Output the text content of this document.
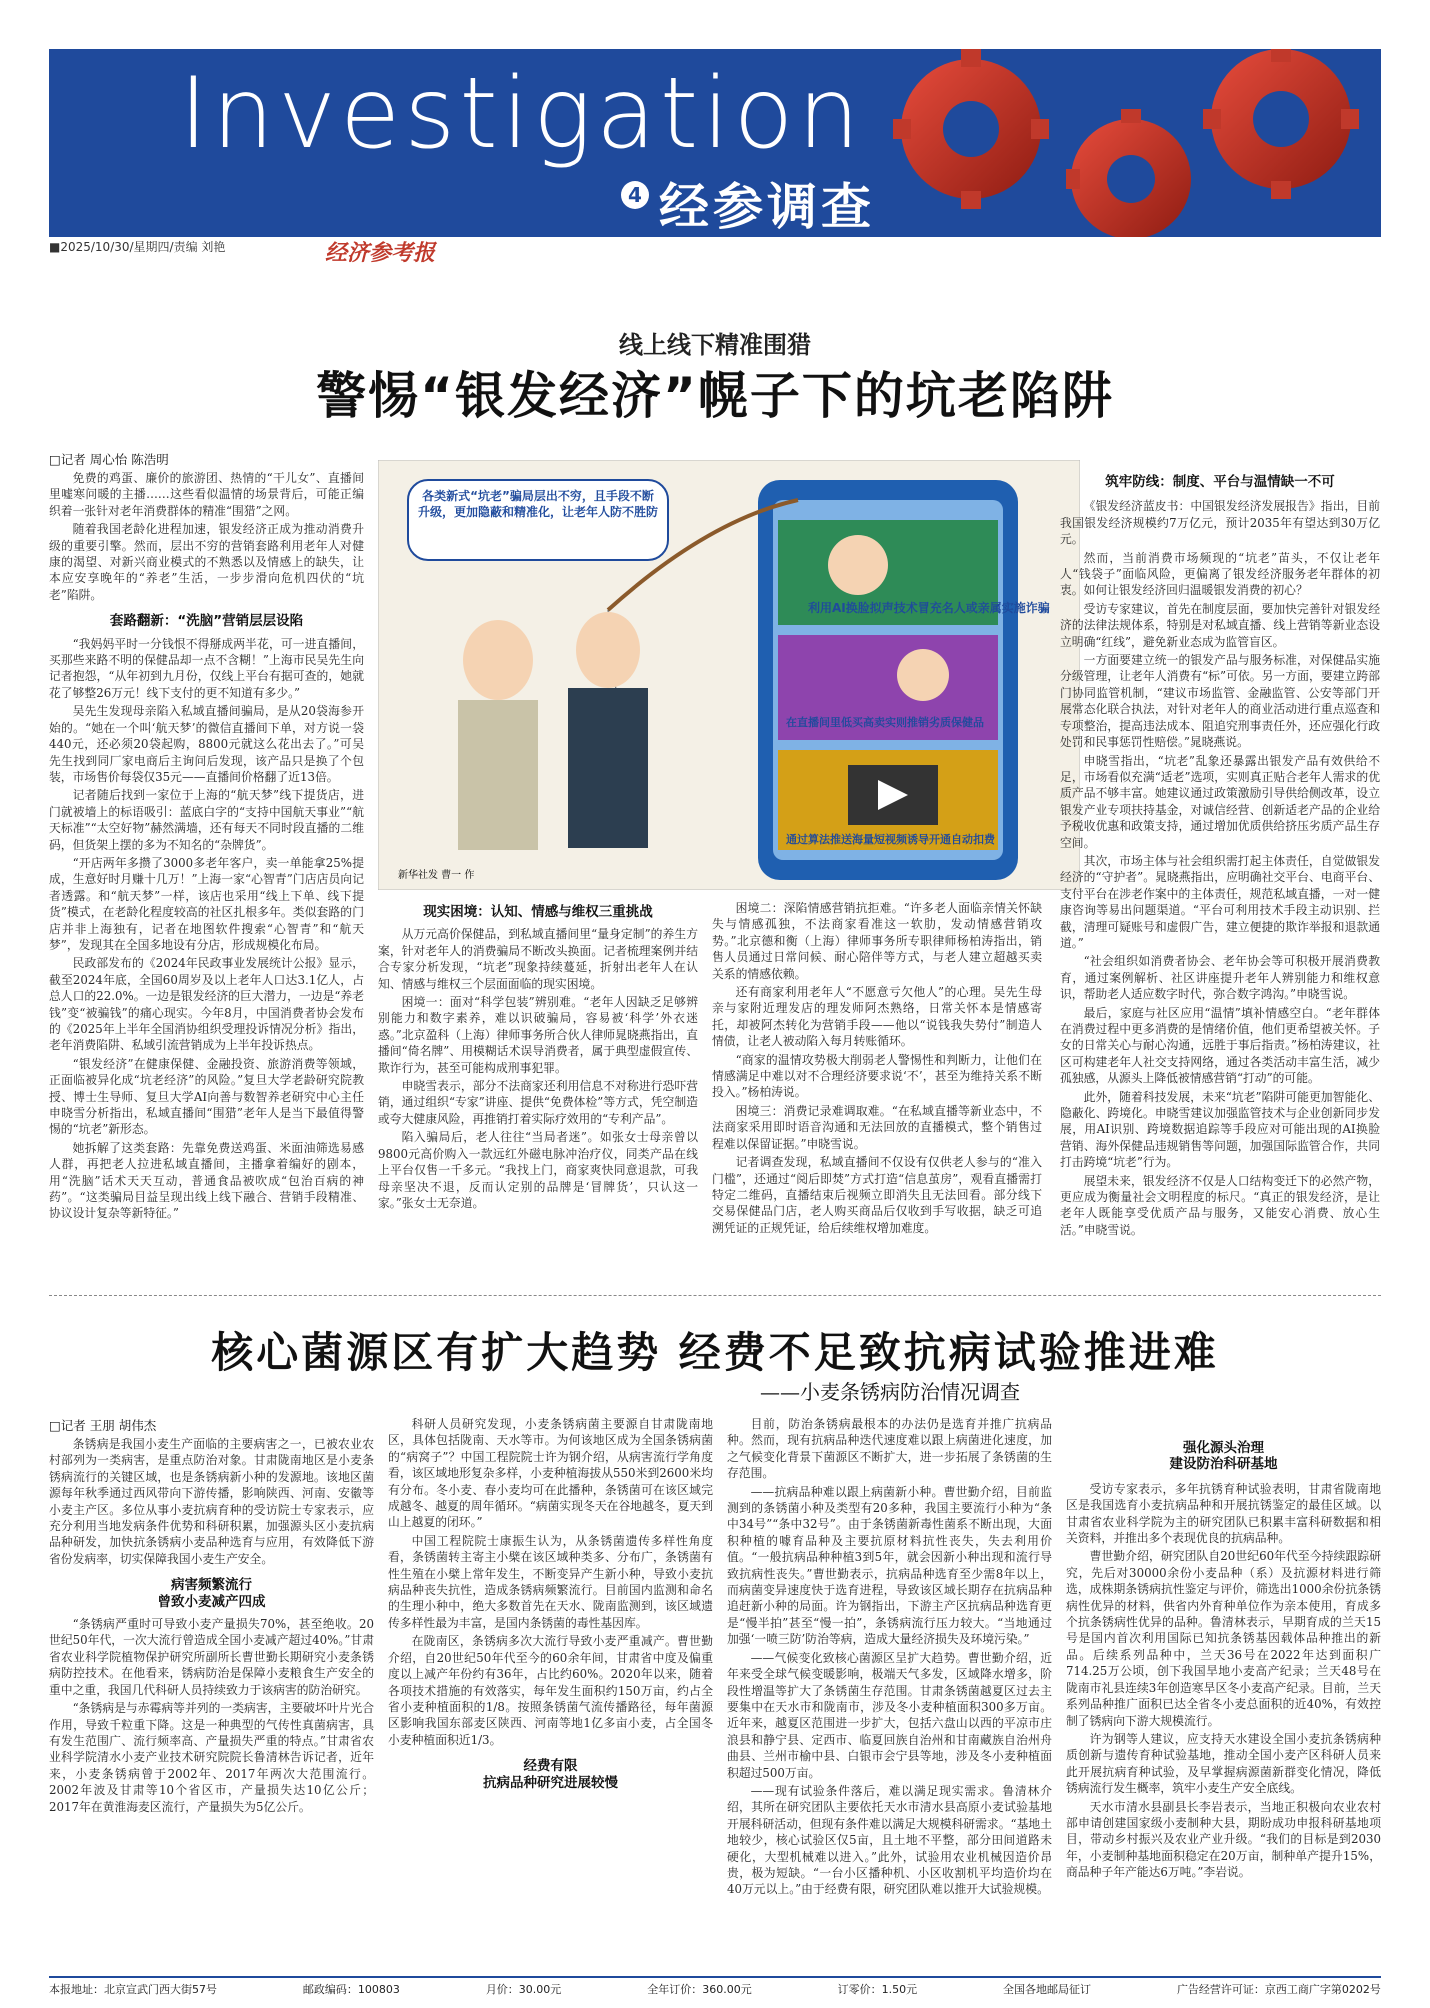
Investigation
4 经参调查
■2025/10/30/星期四/责编 刘艳	经济参考报
线上线下精准围猎
警惕“银发经济”幌子下的坑老陷阱
□记者 周心怡 陈浩明

免费的鸡蛋、廉价的旅游团、热情的“干儿女”、直播间里嘘寒问暖的主播……这些看似温情的场景背后，可能正编织着一张针对老年消费群体的精准“围猎”之网。

随着我国老龄化进程加速，银发经济正成为推动消费升级的重要引擎。然而，层出不穷的营销套路利用老年人对健康的渴望、对新兴商业模式的不熟悉以及情感上的缺失，让本应安享晚年的“养老”生活，一步步滑向危机四伏的“坑老”陷阱。

套路翻新：“洗脑”营销层层设陷

“我妈妈平时一分钱恨不得掰成两半花，可一进直播间，买那些来路不明的保健品却一点不含糊！”上海市民吴先生向记者抱怨，“从年初到九月份，仅线上平台有据可查的，她就花了够整26万元！线下支付的更不知道有多少。”

吴先生发现母亲陷入私域直播间骗局，是从20袋海参开始的。“她在一个叫‘航天梦’的微信直播间下单，对方说一袋440元，还必须20袋起购，8800元就这么花出去了。”可吴先生找到同厂家电商后主询问后发现，该产品只是换了个包装，市场售价每袋仅35元——直播间价格翻了近13倍。

记者随后找到一家位于上海的“航天梦”线下提货店，进门就被墙上的标语吸引：蓝底白字的“支持中国航天事业”“航天标准”“太空好物”赫然满墙，还有每天不同时段直播的二维码，但货架上摆的多为不知名的“杂牌货”。

“开店两年多攒了3000多老年客户，卖一单能拿25%提成，生意好时月赚十几万！”上海一家“心智青”门店店员向记者透露。和“航天梦”一样，该店也采用“线上下单、线下提货”模式，在老龄化程度较高的社区扎根多年。类似套路的门店并非上海独有，记者在地图软件搜索“心智青”和“航天梦”，发现其在全国多地设有分店，形成规模化布局。

民政部发布的《2024年民政事业发展统计公报》显示，截至2024年底，全国60周岁及以上老年人口达3.1亿人，占总人口的22.0%。一边是银发经济的巨大潜力，一边是“养老钱”变“被骗钱”的痛心现实。今年8月，中国消费者协会发布的《2025年上半年全国消协组织受理投诉情况分析》指出，老年消费陷阱、私域引流营销成为上半年投诉热点。

“银发经济”在健康保健、金融投资、旅游消费等领域，正面临被异化成“坑老经济”的风险。”复旦大学老龄研究院教授、博士生导师、复旦大学AI向善与数智养老研究中心主任申晓雪分析指出，私域直播间“围猎”老年人是当下最值得警惕的“坑老”新形态。

她拆解了这类套路：先靠免费送鸡蛋、米面油筛选易感人群，再把老人拉进私域直播间，主播拿着编好的剧本，用“洗脑”话术天天互动，普通食品被吹成“包治百病的神药”。“这类骗局目益呈现出线上线下融合、营销手段精准、协议设计复杂等新特征。”

利用AI换脸拟声技术冒充名人或亲属实施诈骗
在直播间里低买高卖实则推销劣质保健品
通过算法推送海量短视频诱导开通自动扣费
各类新式“坑老”骗局层出不穷，且手段不断升级，更加隐蔽和精准化，让老年人防不胜防
新华社发 曹一 作
现实困境：认知、情感与维权三重挑战

从万元高价保健品，到私域直播间里“量身定制”的养生方案，针对老年人的消费骗局不断改头换面。记者梳理案例并结合专家分析发现，“坑老”现象持续蔓延，折射出老年人在认知、情感与维权三个层面面临的现实困境。

困境一：面对“科学包装”辨别难。“老年人因缺乏足够辨别能力和数字素养，难以识破骗局，容易被‘科学’外衣迷惑。”北京盈科（上海）律师事务所合伙人律师晁晓燕指出，直播间“倚名牌”、用模糊话术误导消费者，属于典型虚假宣传、欺诈行为，甚至可能构成刑事犯罪。

申晓雪表示，部分不法商家还利用信息不对称进行恐吓营销，通过组织“专家”讲座、提供“免费体检”等方式，凭空制造或夸大健康风险，再推销打着实际疗效用的“专利产品”。

陷入骗局后，老人往往“当局者迷”。如张女士母亲曾以9800元高价购入一款远红外磁电脉冲治疗仪，同类产品在线上平台仅售一千多元。“我找上门，商家爽快同意退款，可我母亲坚决不退，反而认定别的品牌是‘冒牌货’，只认这一家。”张女士无奈道。

困境二：深陷情感营销抗拒难。“许多老人面临亲情关怀缺失与情感孤独，不法商家看准这一软肋，发动情感营销攻势。”北京德和衡（上海）律师事务所专职律师杨柏涛指出，销售人员通过日常问候、耐心陪伴等方式，与老人建立超越买卖关系的情感依赖。

还有商家利用老年人“不愿意亏欠他人”的心理。吴先生母亲与家附近理发店的理发师阿杰熟络，日常关怀本是情感寄托，却被阿杰转化为营销手段——他以“说钱我失势付”制造人情债，让老人被动陷入每月转账循环。

“商家的温情攻势极大削弱老人警惕性和判断力，让他们在情感满足中难以对不合理经济要求说‘不’，甚至为维持关系不断投入。”杨柏涛说。

困境三：消费记录难调取难。“在私域直播等新业态中，不法商家采用即时语音沟通和无法回放的直播模式，整个销售过程难以保留证据。”申晓雪说。

记者调查发现，私域直播间不仅设有仅供老人参与的“准入门槛”，还通过“阅后即焚”方式打造“信息茧房”，观看直播需打特定二维码，直播结束后视频立即消失且无法回看。部分线下交易保健品门店，老人购买商品后仅收到手写收据，缺乏可追溯凭证的正规凭证，给后续维权增加难度。

筑牢防线：制度、平台与温情缺一不可

《银发经济蓝皮书：中国银发经济发展报告》指出，目前我国银发经济规模约7万亿元，预计2035年有望达到30万亿元。

然而，当前消费市场频现的“坑老”苗头，不仅让老年人“钱袋子”面临风险，更偏离了银发经济服务老年群体的初衷。如何让银发经济回归温暖银发消费的初心？

受访专家建议，首先在制度层面，要加快完善针对银发经济的法律法规体系，特别是对私域直播、线上营销等新业态设立明确“红线”，避免新业态成为监管盲区。

一方面要建立统一的银发产品与服务标准，对保健品实施分级管理，让老年人消费有“标”可依。另一方面，要建立跨部门协同监管机制，“建议市场监管、金融监管、公安等部门开展常态化联合执法，对针对老年人的商业活动进行重点巡查和专项整治，提高违法成本、阻追究刑事责任外，还应强化行政处罚和民事惩罚性赔偿。”晁晓燕说。

申晓雪指出，“坑老”乱象还暴露出银发产品有效供给不足，市场看似充满“适老”选项，实则真正贴合老年人需求的优质产品不够丰富。她建议通过政策激励引导供给侧改革，设立银发产业专项扶持基金，对诚信经营、创新适老产品的企业给予税收优惠和政策支持，通过增加优质供给挤压劣质产品生存空间。

其次，市场主体与社会组织需打起主体责任，自觉做银发经济的“守护者”。晁晓燕指出，应明确社交平台、电商平台、支付平台在涉老作案中的主体责任，规范私域直播，一对一健康咨询等易出问题渠道。“平台可利用技术手段主动识别、拦截，清理可疑账号和虚假广告，建立便捷的欺诈举报和退款通道。”

“社会组织如消费者协会、老年协会等可积极开展消费教育，通过案例解析、社区讲座提升老年人辨别能力和维权意识，帮助老人适应数字时代，弥合数字鸿沟。”申晓雪说。

最后，家庭与社区应用“温情”填补情感空白。“老年群体在消费过程中更多消费的是情绪价值，他们更希望被关怀。子女的日常关心与耐心沟通，远胜于事后指责。”杨柏涛建议，社区可构建老年人社交支持网络，通过各类活动丰富生活，减少孤独感，从源头上降低被情感营销“打动”的可能。

此外，随着科技发展，未来“坑老”陷阱可能更加智能化、隐蔽化、跨境化。申晓雪建议加强监管技术与企业创新同步发展，用AI识别、跨境数据追踪等手段应对可能出现的AI换脸营销、海外保健品违规销售等问题，加强国际监管合作，共同打击跨境“坑老”行为。

展望未来，银发经济不仅是人口结构变迁下的必然产物，更应成为衡量社会文明程度的标尺。“真正的银发经济，是让老年人既能享受优质产品与服务，又能安心消费、放心生活。”申晓雪说。

核心菌源区有扩大趋势 经费不足致抗病试验推进难
——小麦条锈病防治情况调查
□记者 王朋 胡伟杰

条锈病是我国小麦生产面临的主要病害之一，已被农业农村部列为一类病害，是重点防治对象。甘肃陇南地区是小麦条锈病流行的关键区域，也是条锈病新小种的发源地。该地区菌源每年秋季通过西风带向下游传播，影响陕西、河南、安徽等小麦主产区。多位从事小麦抗病育种的受访院士专家表示，应充分利用当地发病条件优势和科研积累，加强源头区小麦抗病品种研发，加快抗条锈病小麦品种选育与应用，有效降低下游省份发病率，切实保障我国小麦生产安全。

病害频繁流行
曾致小麦减产四成

“条锈病严重时可导致小麦产量损失70%，甚至绝收。20世纪50年代，一次大流行曾造成全国小麦减产超过40%。”甘肃省农业科学院植物保护研究所副所长曹世勤长期研究小麦条锈病防控技术。在他看来，锈病防治是保障小麦粮食生产安全的重中之重，我国几代科研人员持续致力于该病害的防治研究。

“条锈病是与赤霉病等并列的一类病害，主要破坏叶片光合作用，导致千粒重下降。这是一种典型的气传性真菌病害，具有发生范围广、流行频率高、产量损失严重的特点。”甘肃省农业科学院清水小麦产业技术研究院院长鲁清林告诉记者，近年来，小麦条锈病曾于2002年、2017年两次大范围流行。2002年波及甘肃等10个省区市，产量损失达10亿公斤；2017年在黄淮海麦区流行，产量损失为5亿公斤。

科研人员研究发现，小麦条锈病菌主要源自甘肃陇南地区，具体包括陇南、天水等市。为何该地区成为全国条锈病菌的“病窝子”？中国工程院院士许为钢介绍，从病害流行学角度看，该区域地形复杂多样，小麦种植海拔从550米到2600米均有分布。冬小麦、春小麦均可在此播种，条锈菌可在该区域完成越冬、越夏的周年循环。“病菌实现冬天在谷地越冬，夏天到山上越夏的闭环。”

中国工程院院士康振生认为，从条锈菌遗传多样性角度看，条锈菌转主寄主小檗在该区域种类多、分布广，条锈菌有性生殖在小檗上常年发生，不断变异产生新小种，导致小麦抗病品种丧失抗性，造成条锈病频繁流行。目前国内监测和命名的生理小种中，绝大多数首先在天水、陇南监测到，该区域遗传多样性最为丰富，是国内条锈菌的毒性基因库。

在陇南区，条锈病多次大流行导致小麦严重减产。曹世勤介绍，自20世纪50年代至今的60余年间，甘肃省中度及偏重度以上减产年份约有36年，占比约60%。2020年以来，随着各项技术措施的有效落实，每年发生面积约150万亩，约占全省小麦种植面积的1/8。按照条锈菌气流传播路径，每年菌源区影响我国东部麦区陕西、河南等地1亿多亩小麦，占全国冬小麦种植面积近1/3。

经费有限
抗病品种研究进展较慢

目前，防治条锈病最根本的办法仍是选育并推广抗病品种。然而，现有抗病品种迭代速度难以跟上病菌进化速度，加之气候变化背景下菌源区不断扩大，进一步拓展了条锈菌的生存范围。

——抗病品种难以跟上病菌新小种。曹世勤介绍，目前监测到的条锈菌小种及类型有20多种，我国主要流行小种为“条中34号”“条中32号”。由于条锈菌新毒性菌系不断出现，大面积种植的噱育品种及主要抗原材料抗性丧失，失去利用价值。“一般抗病品种种植3到5年，就会因新小种出现和流行导致抗病性丧失。”曹世勤表示，抗病品种选育至少需8年以上，而病菌变异速度快于选育进程，导致该区域长期存在抗病品种追赶新小种的局面。许为钢指出，下游主产区抗病品种选育更是“慢半拍”甚至“慢一拍”，条锈病流行压力较大。“当地通过加强‘一喷三防’防治等病，造成大量经济损失及环境污染。”

——气候变化致核心菌源区呈扩大趋势。曹世勤介绍，近年来受全球气候变暖影响，极端天气多发，区域降水增多，阶段性增温等扩大了条锈菌生存范围。甘肃条锈菌越夏区过去主要集中在天水市和陇南市，涉及冬小麦种植面积300多万亩。近年来，越夏区范围进一步扩大，包括六盘山以西的平凉市庄浪县和静宁县、定西市、临夏回族自治州和甘南藏族自治州舟曲县、兰州市榆中县、白银市会宁县等地，涉及冬小麦种植面积超过500万亩。

——现有试验条件落后，难以满足现实需求。鲁清林介绍，其所在研究团队主要依托天水市清水县高原小麦试验基地开展科研活动，但现有条件难以满足大规模科研需求。“基地土地较少，核心试验区仅5亩，且土地不平整，部分田间道路未硬化，大型机械难以进入。”此外，试验用农业机械因造价昂贵，极为短缺。“一台小区播种机、小区收割机平均造价均在40万元以上。”由于经费有限，研究团队难以推开大试验规模。

强化源头治理
建设防治科研基地

受访专家表示，多年抗锈育种试验表明，甘肃省陇南地区是我国选育小麦抗病品种和开展抗锈鉴定的最佳区域。以甘肃省农业科学院为主的研究团队已积累丰富科研数据和相关资料，并推出多个表现优良的抗病品种。

曹世勤介绍，研究团队自20世纪60年代至今持续跟踪研究，先后对30000余份小麦品种（系）及抗源材料进行筛选，成株期条锈病抗性鉴定与评价，筛选出1000余份抗条锈病性优异的材料，供省内外育种单位作为亲本使用，育成多个抗条锈病性优异的品种。鲁清林表示，早期育成的兰天15号是国内首次利用国际已知抗条锈基因载体品种推出的新品。后续系列品种中，兰天36号在2022年达到面积广714.25万公顷，创下我国旱地小麦高产纪录；兰天48号在陇南市礼县连续3年创造寒旱区冬小麦高产纪录。目前，兰天系列品种推广面积已达全省冬小麦总面积的近40%，有效控制了锈病向下游大规模流行。

许为钢等人建议，应支持天水建设全国小麦抗条锈病种质创新与遗传育种试验基地，推动全国小麦产区科研人员来此开展抗病育种试验，及早掌握病源菌新群变化情况，降低锈病流行发生概率，筑牢小麦生产安全底线。

天水市清水县副县长李岩表示，当地正积极向农业农村部申请创建国家级小麦制种大县，期盼成功申报科研基地项目，带动乡村振兴及农业产业升级。“我们的目标是到2030年，小麦制种基地面积稳定在20万亩，制种单产提升15%，商品种子年产能达6万吨。”李岩说。

本报地址：北京宣武门西大街57号	邮政编码：100803	月价：30.00元	全年订价：360.00元	订零价：1.50元	全国各地邮局征订	广告经营许可证：京西工商广字第0202号
